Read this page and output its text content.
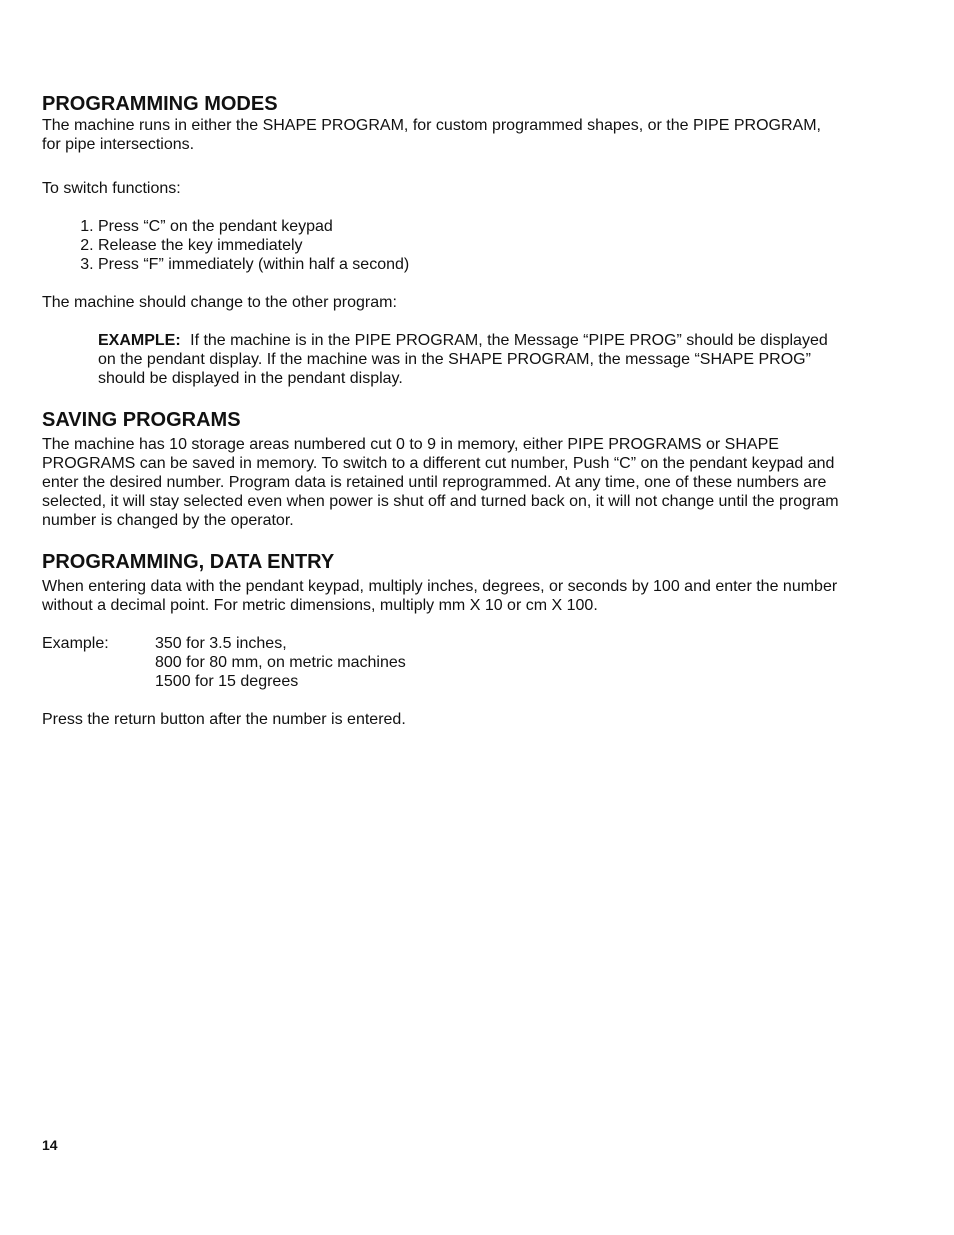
PROGRAMMING MODES

The machine runs in either the SHAPE PROGRAM, for custom programmed shapes, or the PIPE PROGRAM, for pipe intersections.

To switch functions:

1. Press “C” on the pendant keypad
2. Release the key immediately
3. Press “F” immediately (within half a second)

The machine should change to the other program:

EXAMPLE: If the machine is in the PIPE PROGRAM, the Message “PIPE PROG” should be displayed on the pendant display. If the machine was in the SHAPE PROGRAM, the message “SHAPE PROG” should be displayed in the pendant display.
SAVING PROGRAMS

The machine has 10 storage areas numbered cut 0 to 9 in memory, either PIPE PROGRAMS or SHAPE PROGRAMS can be saved in memory. To switch to a different cut number, Push “C” on the pendant keypad and enter the desired number. Program data is retained until reprogrammed. At any time, one of these numbers are selected, it will stay selected even when power is shut off and turned back on, it will not change until the program number is changed by the operator.

PROGRAMMING, DATA ENTRY

When entering data with the pendant keypad, multiply inches, degrees, or seconds by 100 and enter the number without a decimal point. For metric dimensions, multiply mm X 10 or cm X 100.

Example:	350 for 3.5 inches,
800 for 80 mm, on metric machines
1500 for 15 degrees

Press the return button after the number is entered.

14
